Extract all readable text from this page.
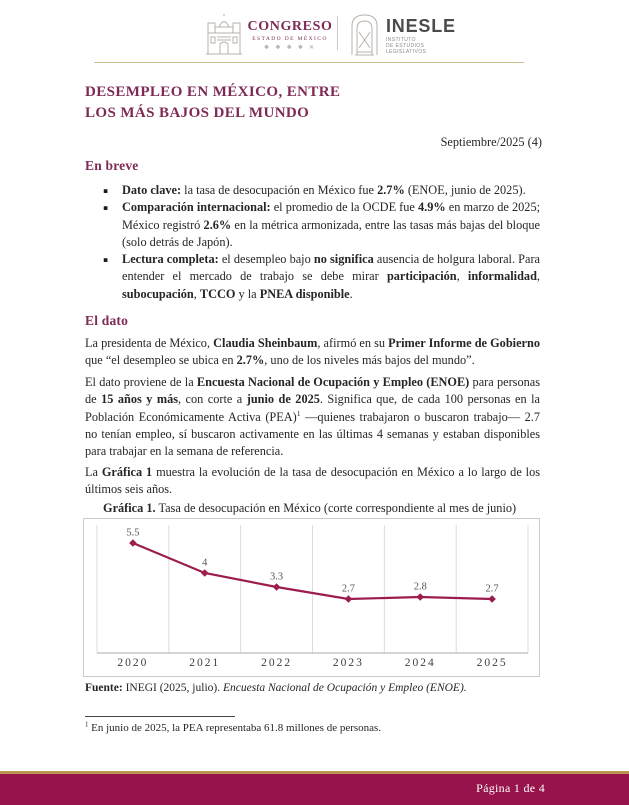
CONGRESO
ESTADO DE MÉXICO
❖ ❖ ❖ ❖ ✕
INESLE
INSTITUTO
DE ESTUDIOS
LEGISLATIVOS
DESEMPLEO EN MÉXICO, ENTRE
LOS MÁS BAJOS DEL MUNDO
Septiembre/2025 (4)
En breve
▪	Dato clave: la tasa de desocupación en México fue 2.7% (ENOE, junio de 2025).
▪	Comparación internacional: el promedio de la OCDE fue 4.9% en marzo de 2025; México registró 2.6% en la métrica armonizada, entre las tasas más bajas del bloque (solo detrás de Japón).
▪	Lectura completa: el desempleo bajo no significa ausencia de holgura laboral. Para entender el mercado de trabajo se debe mirar participación, informalidad, subocupación, TCCO y la PNEA disponible.
El dato
La presidenta de México, Claudia Sheinbaum, afirmó en su Primer Informe de Gobierno que “el desempleo se ubica en 2.7%, uno de los niveles más bajos del mundo”.
El dato proviene de la Encuesta Nacional de Ocupación y Empleo (ENOE) para personas de 15 años y más, con corte a junio de 2025. Significa que, de cada 100 personas en la Población Económicamente Activa (PEA)$^1$ —quienes trabajaron o buscaron trabajo— 2.7 no tenían empleo, sí buscaron activamente en las últimas 4 semanas y estaban disponibles para trabajar en la semana de referencia.
La Gráfica 1 muestra la evolución de la tasa de desocupación en México a lo largo de los últimos seis años.
Gráfica 1. Tasa de desocupación en México (corte correspondiente al mes de junio)
5.5
2020
4
2021
3.3
2022
2.7
2023
2.8
2024
2.7
2025
Fuente: INEGI (2025, julio). Encuesta Nacional de Ocupación y Empleo (ENOE).
$^1$ En junio de 2025, la PEA representaba 61.8 millones de personas.
Página 1 de 4
